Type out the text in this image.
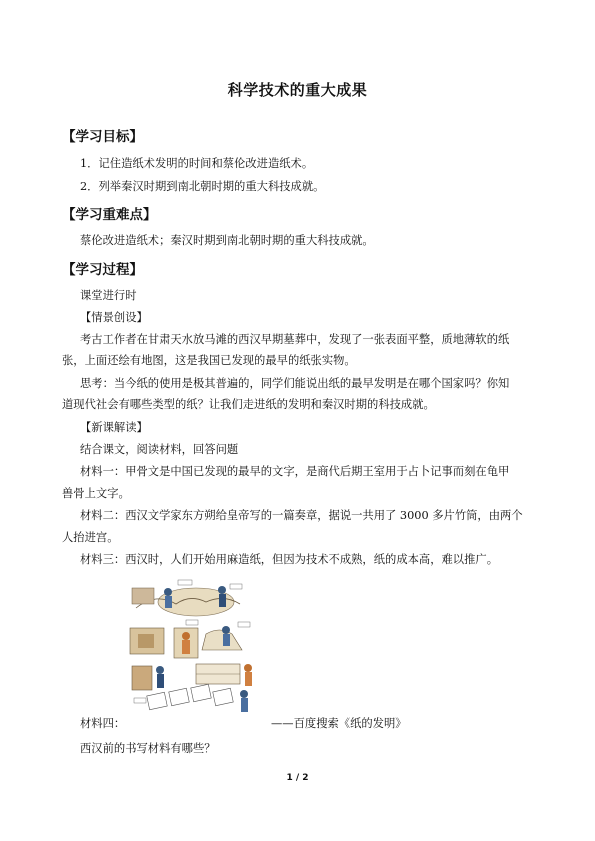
科学技术的重大成果
【学习目标】
1．记住造纸术发明的时间和蔡伦改进造纸术。
2．列举秦汉时期到南北朝时期的重大科技成就。
【学习重难点】
蔡伦改进造纸术；秦汉时期到南北朝时期的重大科技成就。
【学习过程】
课堂进行时
【情景创设】
考古工作者在甘肃天水放马滩的西汉早期墓葬中，发现了一张表面平整，质地薄软的纸
张，上面还绘有地图，这是我国已发现的最早的纸张实物。
思考：当今纸的使用是极其普遍的，同学们能说出纸的最早发明是在哪个国家吗？你知
道现代社会有哪些类型的纸？让我们走进纸的发明和秦汉时期的科技成就。
【新课解读】
结合课文，阅读材料，回答问题
材料一：甲骨文是中国已发现的最早的文字，是商代后期王室用于占卜记事而刻在龟甲
兽骨上文字。
材料二：西汉文学家东方朔给皇帝写的一篇奏章，据说一共用了 3000 多片竹筒，由两个
人抬进宫。
材料三：西汉时，人们开始用麻造纸，但因为技术不成熟，纸的成本高，难以推广。
材料四：	——百度搜索《纸的发明》
西汉前的书写材料有哪些？
1 / 2
